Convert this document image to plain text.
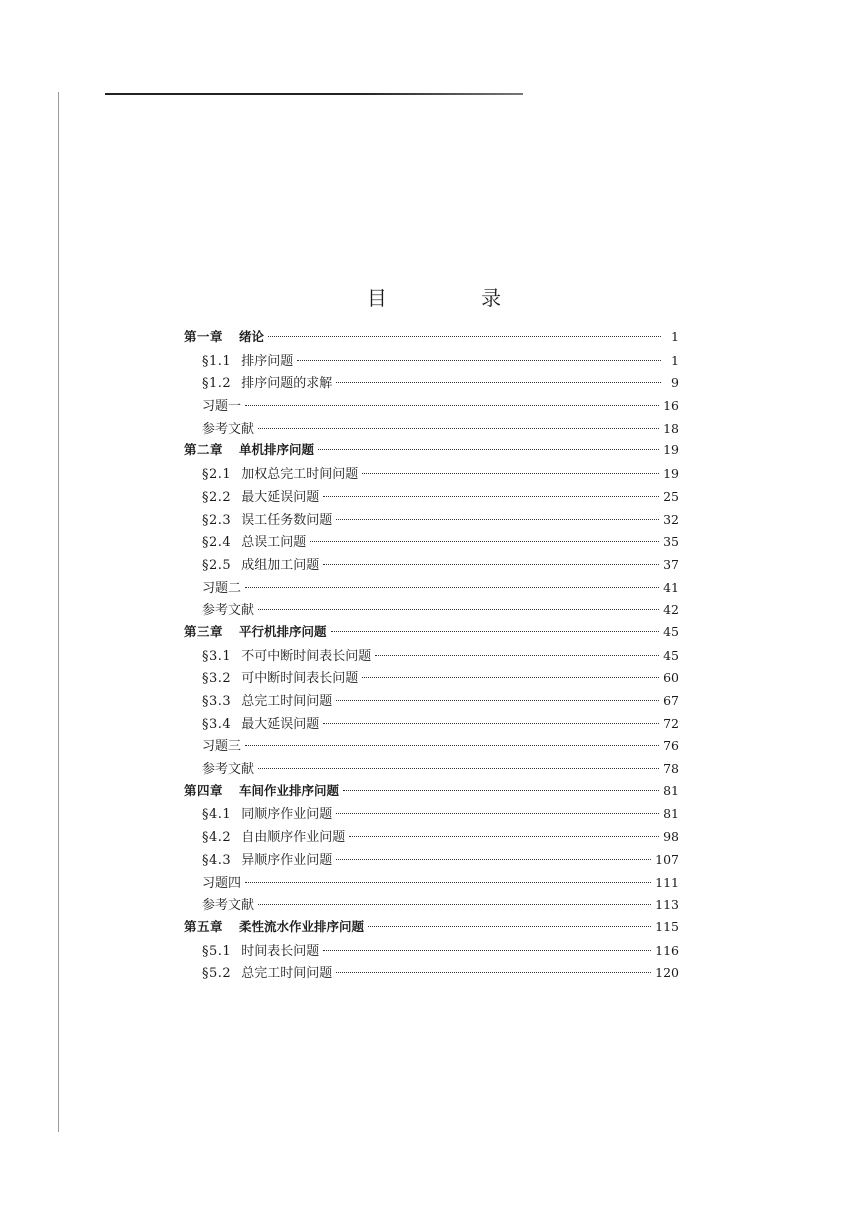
目 录
第一章 绪论	1
§1.1 排序问题	1
§1.2 排序问题的求解	9
习题一	16
参考文献	18
第二章 单机排序问题	19
§2.1 加权总完工时间问题	19
§2.2 最大延误问题	25
§2.3 误工任务数问题	32
§2.4 总误工问题	35
§2.5 成组加工问题	37
习题二	41
参考文献	42
第三章 平行机排序问题	45
§3.1 不可中断时间表长问题	45
§3.2 可中断时间表长问题	60
§3.3 总完工时间问题	67
§3.4 最大延误问题	72
习题三	76
参考文献	78
第四章 车间作业排序问题	81
§4.1 同顺序作业问题	81
§4.2 自由顺序作业问题	98
§4.3 异顺序作业问题	107
习题四	111
参考文献	113
第五章 柔性流水作业排序问题	115
§5.1 时间表长问题	116
§5.2 总完工时间问题	120
